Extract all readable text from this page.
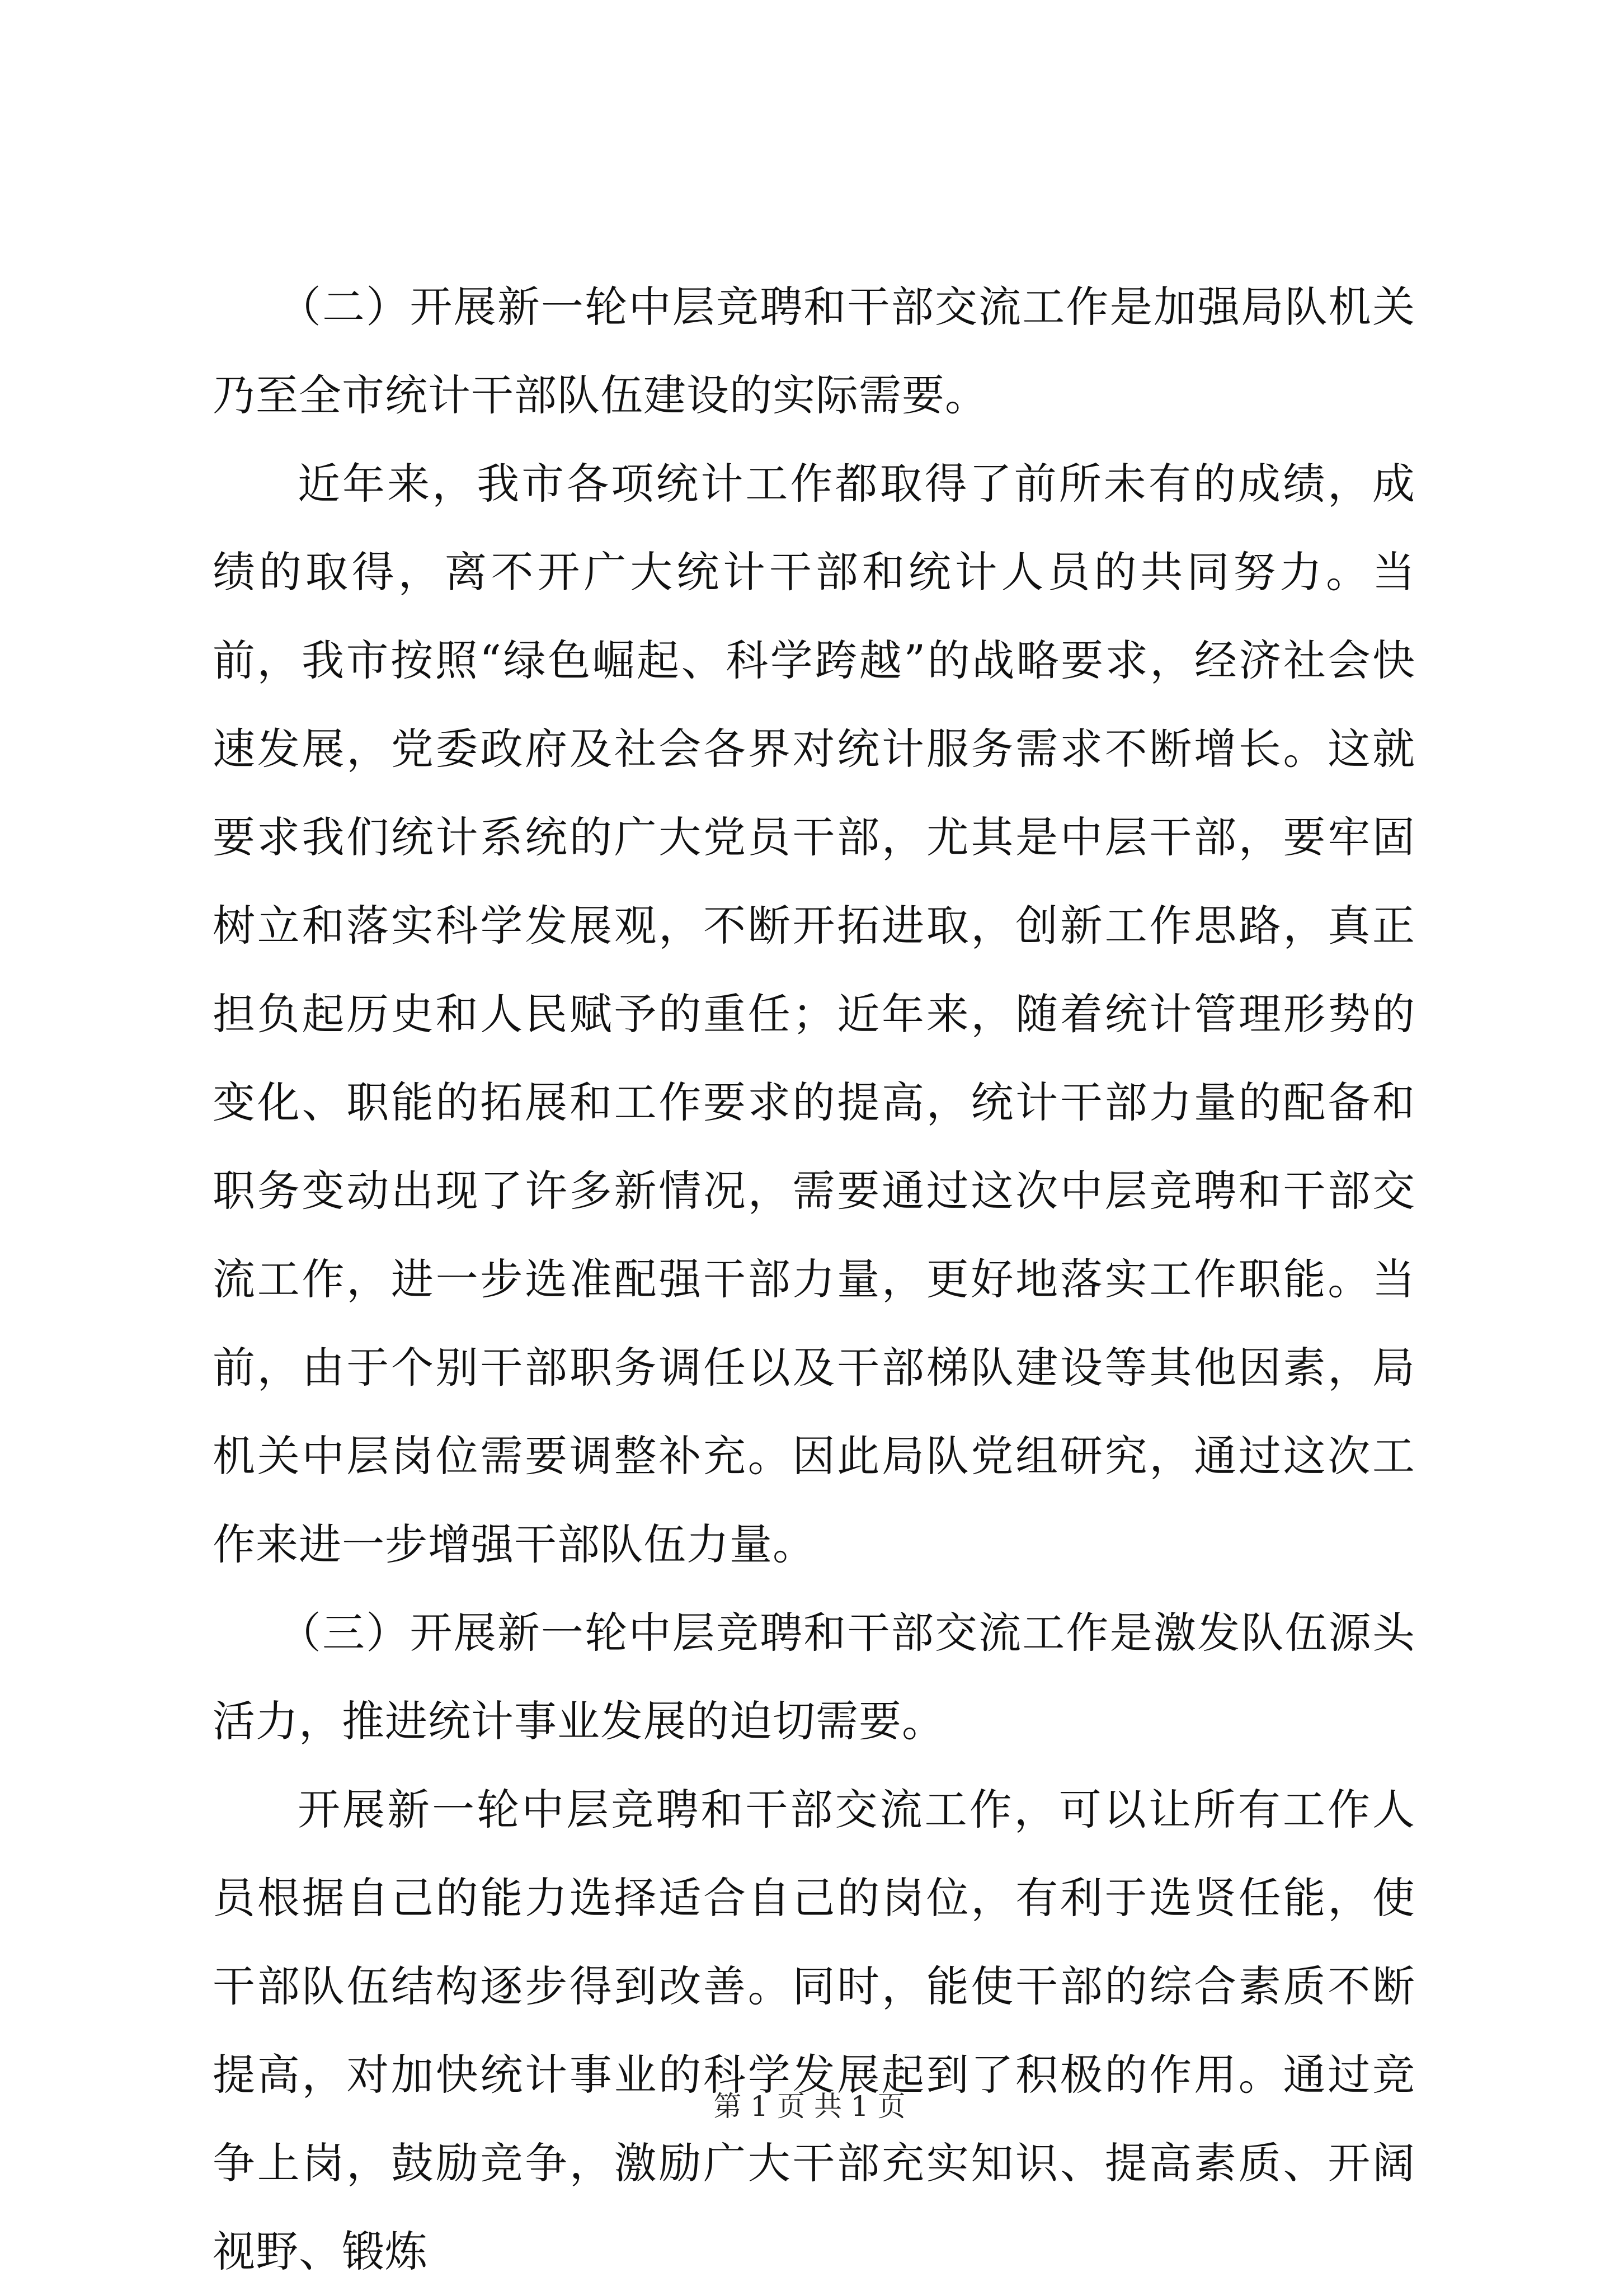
（二）开展新一轮中层竞聘和干部交流工作是加强局队机关乃至全市统计干部队伍建设的实际需要。

近年来，我市各项统计工作都取得了前所未有的成绩，成绩的取得，离不开广大统计干部和统计人员的共同努力。当前，我市按照“绿色崛起、科学跨越”的战略要求，经济社会快速发展，党委政府及社会各界对统计服务需求不断增长。这就要求我们统计系统的广大党员干部，尤其是中层干部，要牢固树立和落实科学发展观，不断开拓进取，创新工作思路，真正担负起历史和人民赋予的重任；近年来，随着统计管理形势的变化、职能的拓展和工作要求的提高，统计干部力量的配备和职务变动出现了许多新情况，需要通过这次中层竞聘和干部交流工作，进一步选准配强干部力量，更好地落实工作职能。当前，由于个别干部职务调任以及干部梯队建设等其他因素，局机关中层岗位需要调整补充。因此局队党组研究，通过这次工作来进一步增强干部队伍力量。

（三）开展新一轮中层竞聘和干部交流工作是激发队伍源头活力，推进统计事业发展的迫切需要。

开展新一轮中层竞聘和干部交流工作，可以让所有工作人员根据自己的能力选择适合自己的岗位，有利于选贤任能，使干部队伍结构逐步得到改善。同时，能使干部的综合素质不断提高，对加快统计事业的科学发展起到了积极的作用。通过竞争上岗，鼓励竞争，激励广大干部充实知识、提高素质、开阔视野、锻炼

第 1 页 共 1 页
